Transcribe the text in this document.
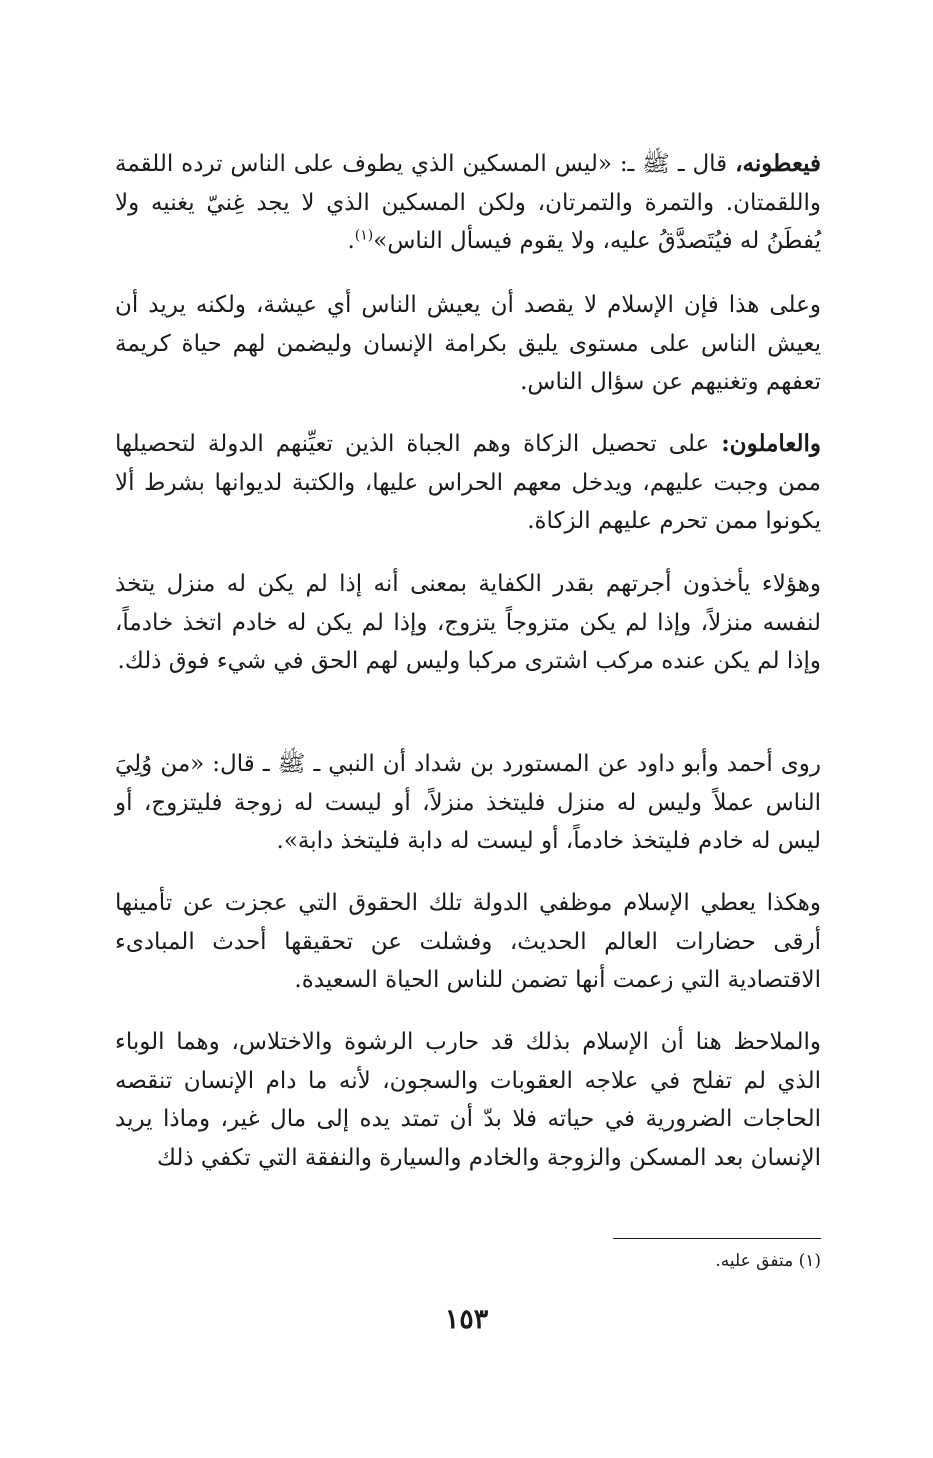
فيعطونه، قال ـ ﷺ ـ: «ليس المسكين الذي يطوف على الناس ترده اللقمة واللقمتان. والتمرة والتمرتان، ولكن المسكين الذي لا يجد غِنيّ يغنيه ولا يُفطَنُ له فيُتَصدَّقُ عليه، ولا يقوم فيسأل الناس»$^{(١)}$.

وعلى هذا فإن الإسلام لا يقصد أن يعيش الناس أي عيشة، ولكنه يريد أن يعيش الناس على مستوى يليق بكرامة الإنسان وليضمن لهم حياة كريمة تعفهم وتغنيهم عن سؤال الناس.

والعاملون: على تحصيل الزكاة وهم الجباة الذين تعيِّنهم الدولة لتحصيلها ممن وجبت عليهم، ويدخل معهم الحراس عليها، والكتبة لديوانها بشرط ألا يكونوا ممن تحرم عليهم الزكاة.

وهؤلاء يأخذون أجرتهم بقدر الكفاية بمعنى أنه إذا لم يكن له منزل يتخذ لنفسه منزلاً، وإذا لم يكن متزوجاً يتزوج، وإذا لم يكن له خادم اتخذ خادماً، وإذا لم يكن عنده مركب اشترى مركبا وليس لهم الحق في شيء فوق ذلك.

روى أحمد وأبو داود عن المستورد بن شداد أن النبي ـ ﷺ ـ قال: «من وُلِيَ الناس عملاً وليس له منزل فليتخذ منزلاً، أو ليست له زوجة فليتزوج، أو ليس له خادم فليتخذ خادماً، أو ليست له دابة فليتخذ دابة».

وهكذا يعطي الإسلام موظفي الدولة تلك الحقوق التي عجزت عن تأمينها أرقى حضارات العالم الحديث، وفشلت عن تحقيقها أحدث المبادىء الاقتصادية التي زعمت أنها تضمن للناس الحياة السعيدة.

والملاحظ هنا أن الإسلام بذلك قد حارب الرشوة والاختلاس، وهما الوباء الذي لم تفلح في علاجه العقوبات والسجون، لأنه ما دام الإنسان تنقصه الحاجات الضرورية في حياته فلا بدّ أن تمتد يده إلى مال غير، وماذا يريد الإنسان بعد المسكن والزوجة والخادم والسيارة والنفقة التي تكفي ذلك

(١) متفق عليه.
١٥٣
